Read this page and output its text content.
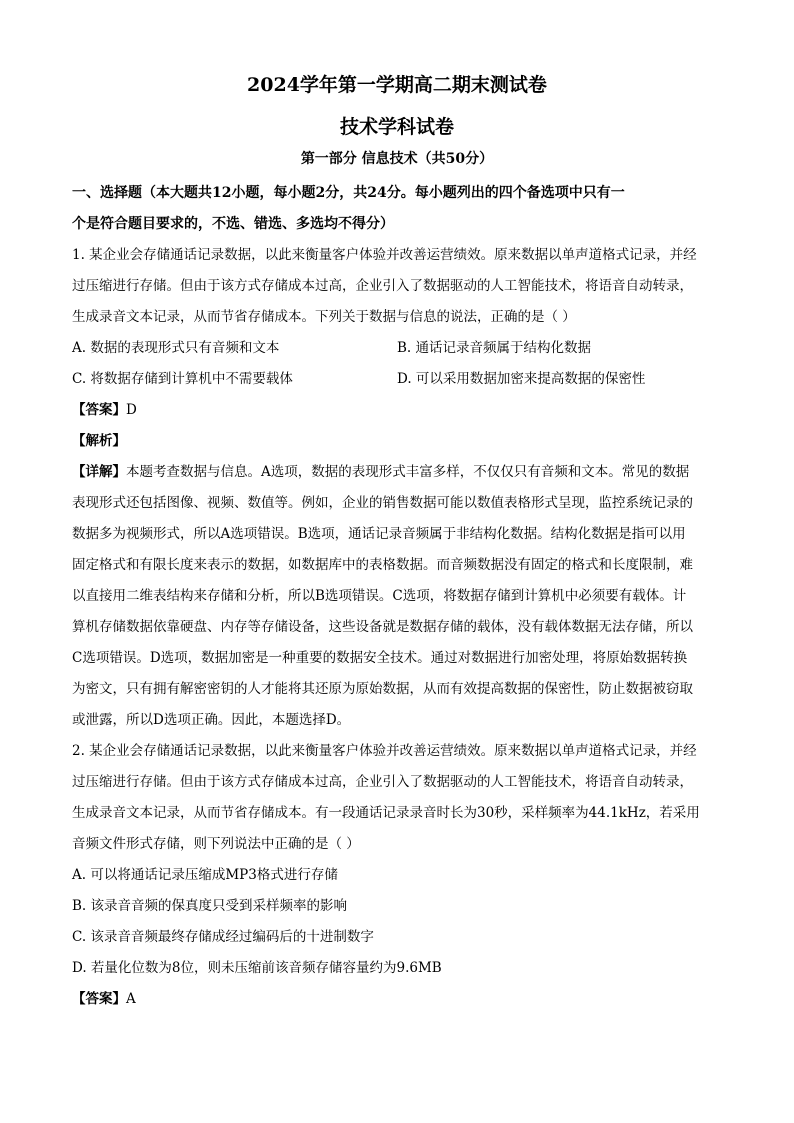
2024学年第一学期高二期末测试卷
技术学科试卷
第一部分 信息技术（共50分）

一、选择题（本大题共12小题，每小题2分，共24分。每小题列出的四个备选项中只有一

个是符合题目要求的，不选、错选、多选均不得分）

1. 某企业会存储通话记录数据，以此来衡量客户体验并改善运营绩效。原来数据以单声道格式记录，并经

过压缩进行存储。但由于该方式存储成本过高，企业引入了数据驱动的人工智能技术，将语音自动转录，

生成录音文本记录，从而节省存储成本。下列关于数据与信息的说法，正确的是（ ）

A. 数据的表现形式只有音频和文本	B. 通话记录音频属于结构化数据
C. 将数据存储到计算机中不需要载体	D. 可以采用数据加密来提高数据的保密性

【答案】D

【解析】

【详解】本题考查数据与信息。A选项，数据的表现形式丰富多样，不仅仅只有音频和文本。常见的数据

表现形式还包括图像、视频、数值等。例如，企业的销售数据可能以数值表格形式呈现，监控系统记录的

数据多为视频形式，所以A选项错误。B选项，通话记录音频属于非结构化数据。结构化数据是指可以用

固定格式和有限长度来表示的数据，如数据库中的表格数据。而音频数据没有固定的格式和长度限制，难

以直接用二维表结构来存储和分析，所以B选项错误。C选项，将数据存储到计算机中必须要有载体。计

算机存储数据依靠硬盘、内存等存储设备，这些设备就是数据存储的载体，没有载体数据无法存储，所以

C选项错误。D选项，数据加密是一种重要的数据安全技术。通过对数据进行加密处理，将原始数据转换

为密文，只有拥有解密密钥的人才能将其还原为原始数据，从而有效提高数据的保密性，防止数据被窃取

或泄露，所以D选项正确。因此，本题选择D。

2. 某企业会存储通话记录数据，以此来衡量客户体验并改善运营绩效。原来数据以单声道格式记录，并经

过压缩进行存储。但由于该方式存储成本过高，企业引入了数据驱动的人工智能技术，将语音自动转录，

生成录音文本记录，从而节省存储成本。有一段通话记录录音时长为30秒，采样频率为44.1kHz，若采用

音频文件形式存储，则下列说法中正确的是（ ）

A. 可以将通话记录压缩成MP3格式进行存储

B. 该录音音频的保真度只受到采样频率的影响

C. 该录音音频最终存储成经过编码后的十进制数字

D. 若量化位数为8位，则未压缩前该音频存储容量约为9.6MB

【答案】A
